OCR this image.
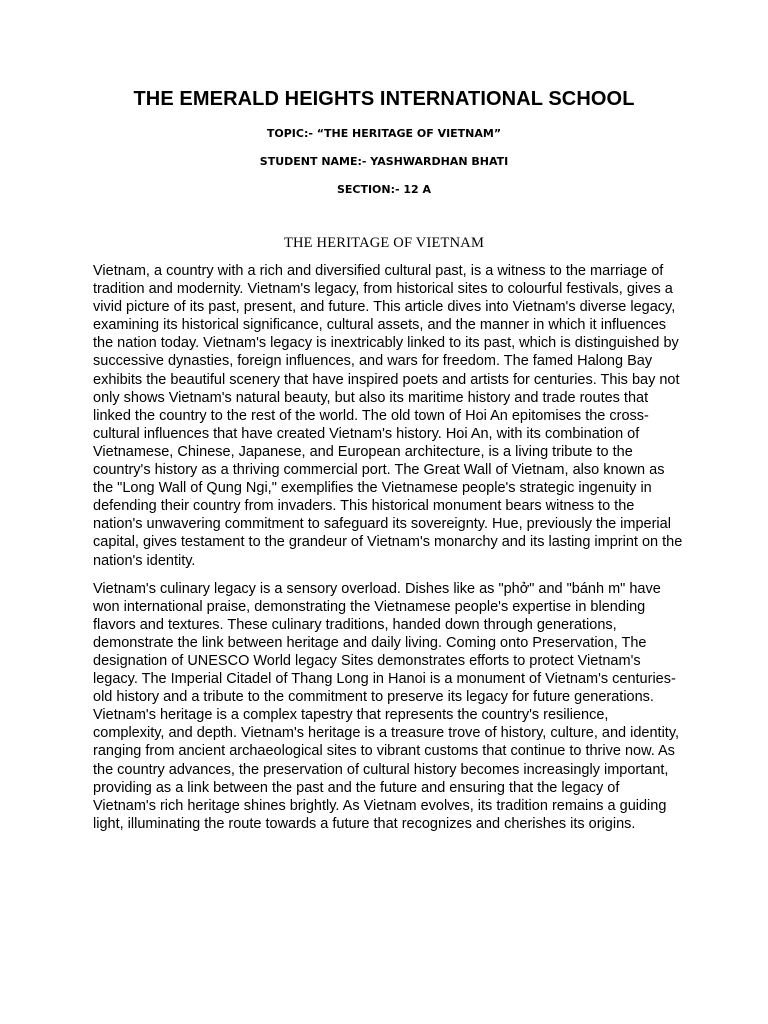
THE EMERALD HEIGHTS INTERNATIONAL SCHOOL

TOPIC:- “THE HERITAGE OF VIETNAM”

STUDENT NAME:- YASHWARDHAN BHATI

SECTION:- 12 A

THE HERITAGE OF VIETNAM

Vietnam, a country with a rich and diversified cultural past, is a witness to the marriage of tradition and modernity. Vietnam's legacy, from historical sites to colourful festivals, gives a vivid picture of its past, present, and future. This article dives into Vietnam's diverse legacy, examining its historical significance, cultural assets, and the manner in which it influences the nation today. Vietnam's legacy is inextricably linked to its past, which is distinguished by successive dynasties, foreign influences, and wars for freedom. The famed Halong Bay exhibits the beautiful scenery that have inspired poets and artists for centuries. This bay not only shows Vietnam's natural beauty, but also its maritime history and trade routes that linked the country to the rest of the world. The old town of Hoi An epitomises the cross-cultural influences that have created Vietnam's history. Hoi An, with its combination of Vietnamese, Chinese, Japanese, and European architecture, is a living tribute to the country's history as a thriving commercial port. The Great Wall of Vietnam, also known as the "Long Wall of Qung Ngi," exemplifies the Vietnamese people's strategic ingenuity in defending their country from invaders. This historical monument bears witness to the nation's unwavering commitment to safeguard its sovereignty. Hue, previously the imperial capital, gives testament to the grandeur of Vietnam's monarchy and its lasting imprint on the nation's identity.

Vietnam's culinary legacy is a sensory overload. Dishes like as "phở" and "bánh m" have won international praise, demonstrating the Vietnamese people's expertise in blending flavors and textures. These culinary traditions, handed down through generations, demonstrate the link between heritage and daily living. Coming onto Preservation, The designation of UNESCO World legacy Sites demonstrates efforts to protect Vietnam's legacy. The Imperial Citadel of Thang Long in Hanoi is a monument of Vietnam's centuries-old history and a tribute to the commitment to preserve its legacy for future generations. Vietnam's heritage is a complex tapestry that represents the country's resilience, complexity, and depth. Vietnam's heritage is a treasure trove of history, culture, and identity, ranging from ancient archaeological sites to vibrant customs that continue to thrive now. As the country advances, the preservation of cultural history becomes increasingly important, providing as a link between the past and the future and ensuring that the legacy of Vietnam's rich heritage shines brightly. As Vietnam evolves, its tradition remains a guiding light, illuminating the route towards a future that recognizes and cherishes its origins.
